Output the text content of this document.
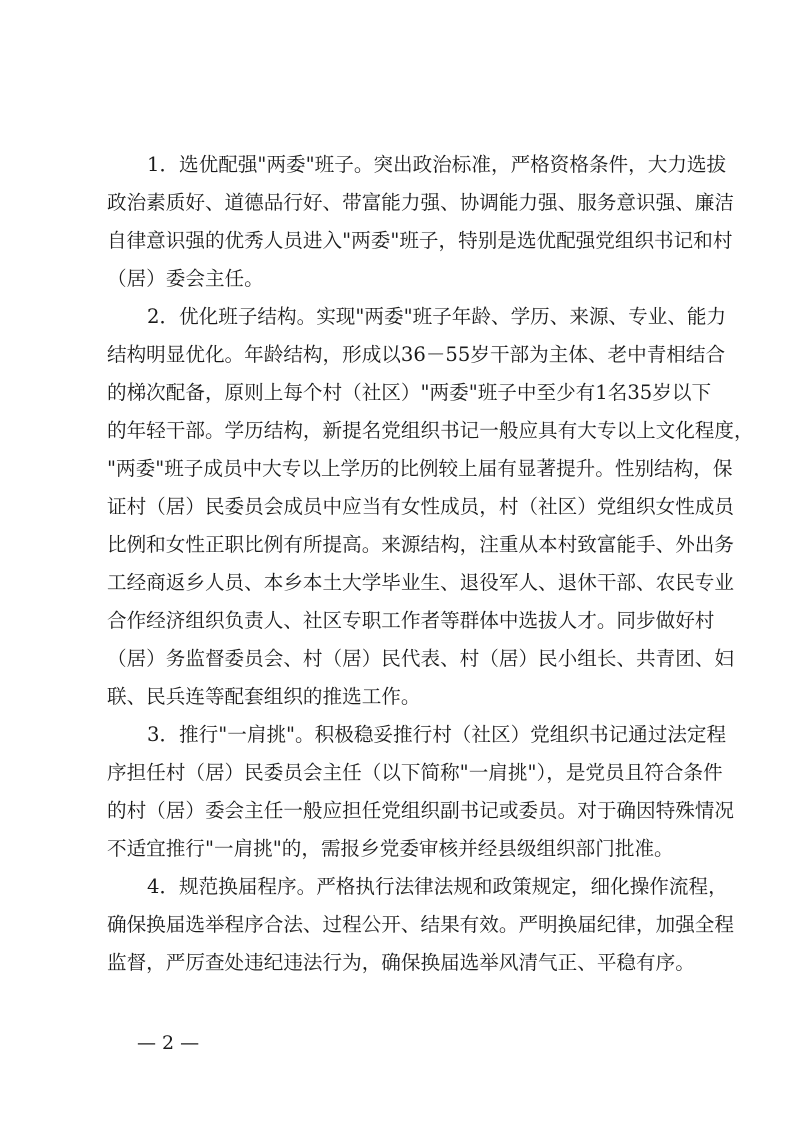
1．选优配强"两委"班子。突出政治标准，严格资格条件，大力选拔
政治素质好、道德品行好、带富能力强、协调能力强、服务意识强、廉洁
自律意识强的优秀人员进入"两委"班子，特别是选优配强党组织书记和村
（居）委会主任。
2．优化班子结构。实现"两委"班子年龄、学历、来源、专业、能力
结构明显优化。年龄结构，形成以36－55岁干部为主体、老中青相结合
的梯次配备，原则上每个村（社区）"两委"班子中至少有1名35岁以下
的年轻干部。学历结构，新提名党组织书记一般应具有大专以上文化程度，
"两委"班子成员中大专以上学历的比例较上届有显著提升。性别结构，保
证村（居）民委员会成员中应当有女性成员，村（社区）党组织女性成员
比例和女性正职比例有所提高。来源结构，注重从本村致富能手、外出务
工经商返乡人员、本乡本土大学毕业生、退役军人、退休干部、农民专业
合作经济组织负责人、社区专职工作者等群体中选拔人才。同步做好村
（居）务监督委员会、村（居）民代表、村（居）民小组长、共青团、妇
联、民兵连等配套组织的推选工作。
3．推行"一肩挑"。积极稳妥推行村（社区）党组织书记通过法定程
序担任村（居）民委员会主任（以下简称"一肩挑"），是党员且符合条件
的村（居）委会主任一般应担任党组织副书记或委员。对于确因特殊情况
不适宜推行"一肩挑"的，需报乡党委审核并经县级组织部门批准。
4．规范换届程序。严格执行法律法规和政策规定，细化操作流程，
确保换届选举程序合法、过程公开、结果有效。严明换届纪律，加强全程
监督，严厉查处违纪违法行为，确保换届选举风清气正、平稳有序。
— 2 —
